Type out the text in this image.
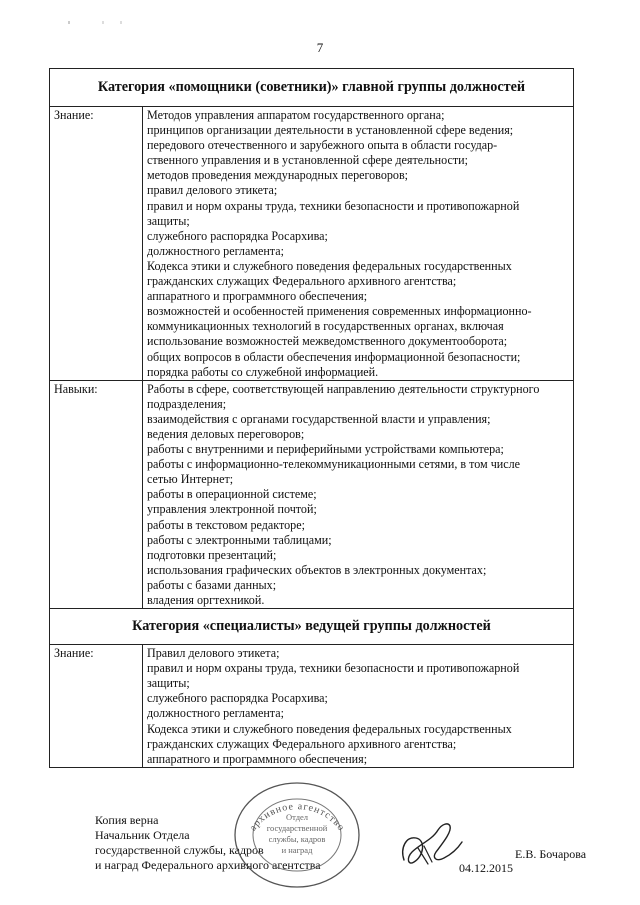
7
Категория «помощники (советники)» главной группы должностей
Знание:	Методов управления аппаратом государственного органа;
принципов организации деятельности в установленной сфере ведения;
передового отечественного и зарубежного опыта в области государ-
ственного управления и в установленной сфере деятельности;
методов проведения международных переговоров;
правил делового этикета;
правил и норм охраны труда, техники безопасности и противопожарной
защиты;
служебного распорядка Росархива;
должностного регламента;
Кодекса этики и служебного поведения федеральных государственных
гражданских служащих Федерального архивного агентства;
аппаратного и программного обеспечения;
возможностей и особенностей применения современных информационно-
коммуникационных технологий в государственных органах, включая
использование возможностей межведомственного документооборота;
общих вопросов в области обеспечения информационной безопасности;
порядка работы со служебной информацией.
Навыки:	Работы в сфере, соответствующей направлению деятельности структурного
подразделения;
взаимодействия с органами государственной власти и управления;
ведения деловых переговоров;
работы с внутренними и периферийными устройствами компьютера;
работы с информационно-телекоммуникационными сетями, в том числе
сетью Интернет;
работы в операционной системе;
управления электронной почтой;
работы в текстовом редакторе;
работы с электронными таблицами;
подготовки презентаций;
использования графических объектов в электронных документах;
работы с базами данных;
владения оргтехникой.
Категория «специалисты» ведущей группы должностей
Знание:	Правил делового этикета;
правил и норм охраны труда, техники безопасности и противопожарной
защиты;
служебного распорядка Росархива;
должностного регламента;
Кодекса этики и служебного поведения федеральных государственных
гражданских служащих Федерального архивного агентства;
аппаратного и программного обеспечения;
Копия верна
Начальник Отдела
государственной службы, кадров
и наград Федерального архивного агентства
архивное агентство
Отдел
государственной
службы, кадров
и наград
04.12.2015
Е.В. Бочарова
